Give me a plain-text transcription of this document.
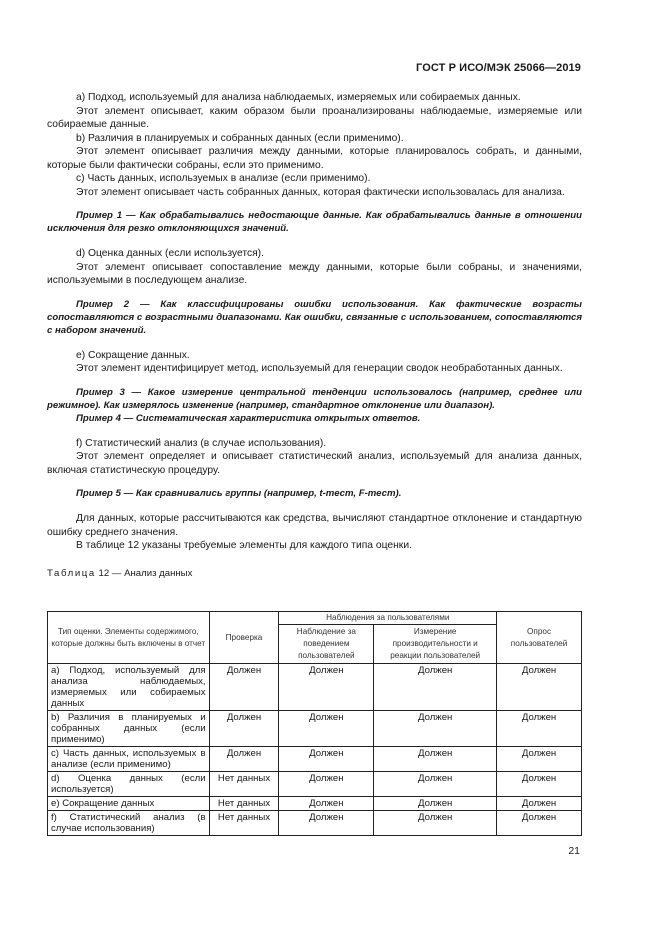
ГОСТ Р ИСО/МЭК 25066—2019

a) Подход, используемый для анализа наблюдаемых, измеряемых или собираемых данных.

Этот элемент описывает, каким образом были проанализированы наблюдаемые, измеряемые или собираемые данные.

b) Различия в планируемых и собранных данных (если применимо).

Этот элемент описывает различия между данными, которые планировалось собрать, и данными, которые были фактически собраны, если это применимо.

c) Часть данных, используемых в анализе (если применимо).

Этот элемент описывает часть собранных данных, которая фактически использовалась для анализа.

Пример 1 — Как обрабатывались недостающие данные. Как обрабатывались данные в отношении исключения для резко отклоняющихся значений.

d) Оценка данных (если используется).

Этот элемент описывает сопоставление между данными, которые были собраны, и значениями, используемыми в последующем анализе.

Пример 2 — Как классифицированы ошибки использования. Как фактические возрасты сопоставляются с возрастными диапазонами. Как ошибки, связанные с использованием, сопоставляются с набором значений.

e) Сокращение данных.

Этот элемент идентифицирует метод, используемый для генерации сводок необработанных данных.

Пример 3 — Какое измерение центральной тенденции использовалось (например, среднее или режимное). Как измерялось изменение (например, стандартное отклонение или диапазон).

Пример 4 — Систематическая характеристика открытых ответов.

f) Статистический анализ (в случае использования).

Этот элемент определяет и описывает статистический анализ, используемый для анализа данных, включая статистическую процедуру.

Пример 5 — Как сравнивались группы (например, t-тест, F-тест).

Для данных, которые рассчитываются как средства, вычисляют стандартное отклонение и стандартную ошибку среднего значения.

В таблице 12 указаны требуемые элементы для каждого типа оценки.

Таблица 12 — Анализ данных

Тип оценки. Элементы содержимого, которые должны быть включены в отчет	Проверка	Наблюдения за пользователями		Опрос пользователей
		Наблюдение за поведением пользователей	Измерение производительности и реакции пользователей	
a) Подход, используемый для анализа наблюдаемых, измеряемых или собираемых данных	Должен	Должен	Должен	Должен
b) Различия в планируемых и собранных данных (если применимо)	Должен	Должен	Должен	Должен
c) Часть данных, используемых в анализе (если применимо)	Должен	Должен	Должен	Должен
d) Оценка данных (если используется)	Нет данных	Должен	Должен	Должен
e) Сокращение данных	Нет данных	Должен	Должен	Должен
f) Статистический анализ (в случае использования)	Нет данных	Должен	Должен	Должен
21
